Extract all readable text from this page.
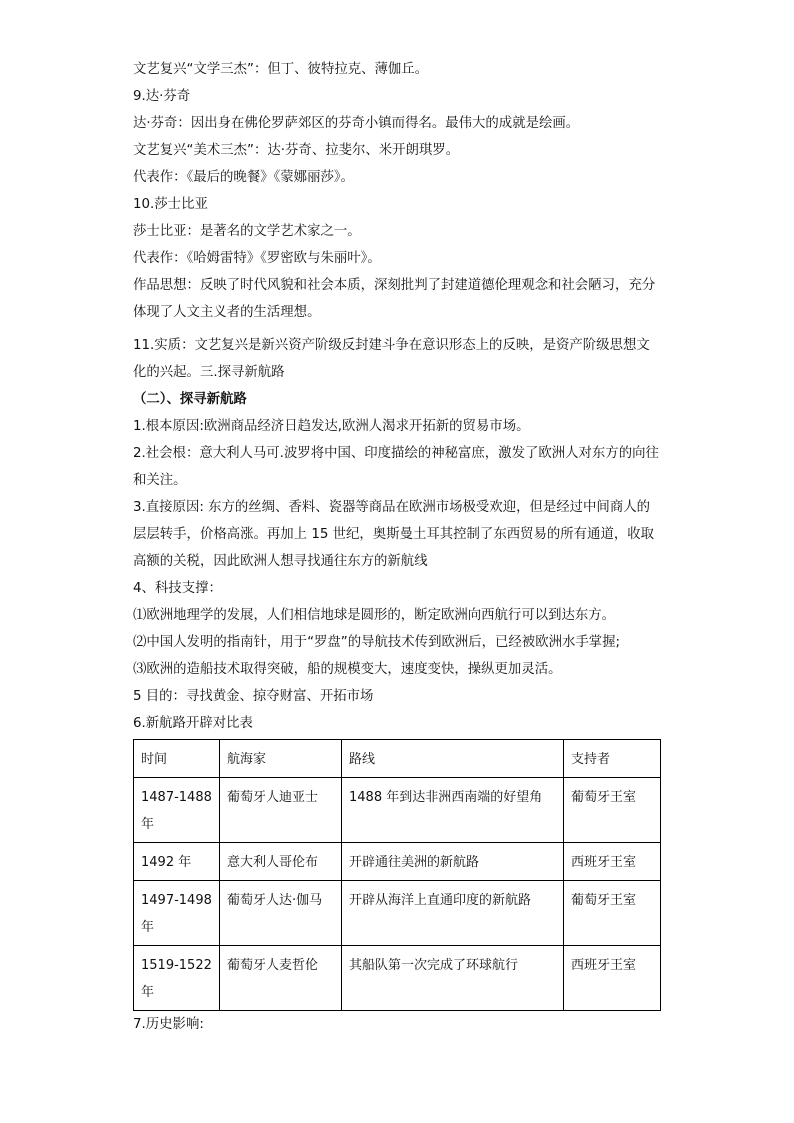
文艺复兴“文学三杰”：但丁、彼特拉克、薄伽丘。
9.达·芬奇
达·芬奇：因出身在佛伦罗萨郊区的芬奇小镇而得名。最伟大的成就是绘画。
文艺复兴“美术三杰”：达·芬奇、拉斐尔、米开朗琪罗。
代表作：《最后的晚餐》《蒙娜丽莎》。
10.莎士比亚
莎士比亚：是著名的文学艺术家之一。
代表作：《哈姆雷特》《罗密欧与朱丽叶》。
作品思想：反映了时代风貌和社会本质，深刻批判了封建道德伦理观念和社会陋习，充分体现了人文主义者的生活理想。
11.实质：文艺复兴是新兴资产阶级反封建斗争在意识形态上的反映，是资产阶级思想文化的兴起。三.探寻新航路
（二）、探寻新航路
1.根本原因:欧洲商品经济日趋发达,欧洲人渴求开拓新的贸易市场。
2.社会根：意大利人马可.波罗将中国、印度描绘的神秘富庶，激发了欧洲人对东方的向往和关注。
3.直接原因: 东方的丝绸、香料、瓷器等商品在欧洲市场极受欢迎，但是经过中间商人的层层转手，价格高涨。再加上 15 世纪，奥斯曼土耳其控制了东西贸易的所有通道，收取高额的关税，因此欧洲人想寻找通往东方的新航线
4、科技支撑：
⑴欧洲地理学的发展，人们相信地球是圆形的，断定欧洲向西航行可以到达东方。
⑵中国人发明的指南针，用于“罗盘”的导航技术传到欧洲后，已经被欧洲水手掌握;
⑶欧洲的造船技术取得突破，船的规模变大，速度变快，操纵更加灵活。
5 目的：寻找黄金、掠夺财富、开拓市场
6.新航路开辟对比表
时间	航海家	路线	支持者
1487-1488 年	葡萄牙人迪亚士	1488 年到达非洲西南端的好望角	葡萄牙王室
1492 年	意大利人哥伦布	开辟通往美洲的新航路	西班牙王室
1497-1498 年	葡萄牙人达·伽马	开辟从海洋上直通印度的新航路	葡萄牙王室
1519-1522 年	葡萄牙人麦哲伦	其船队第一次完成了环球航行	西班牙王室
7.历史影响:
